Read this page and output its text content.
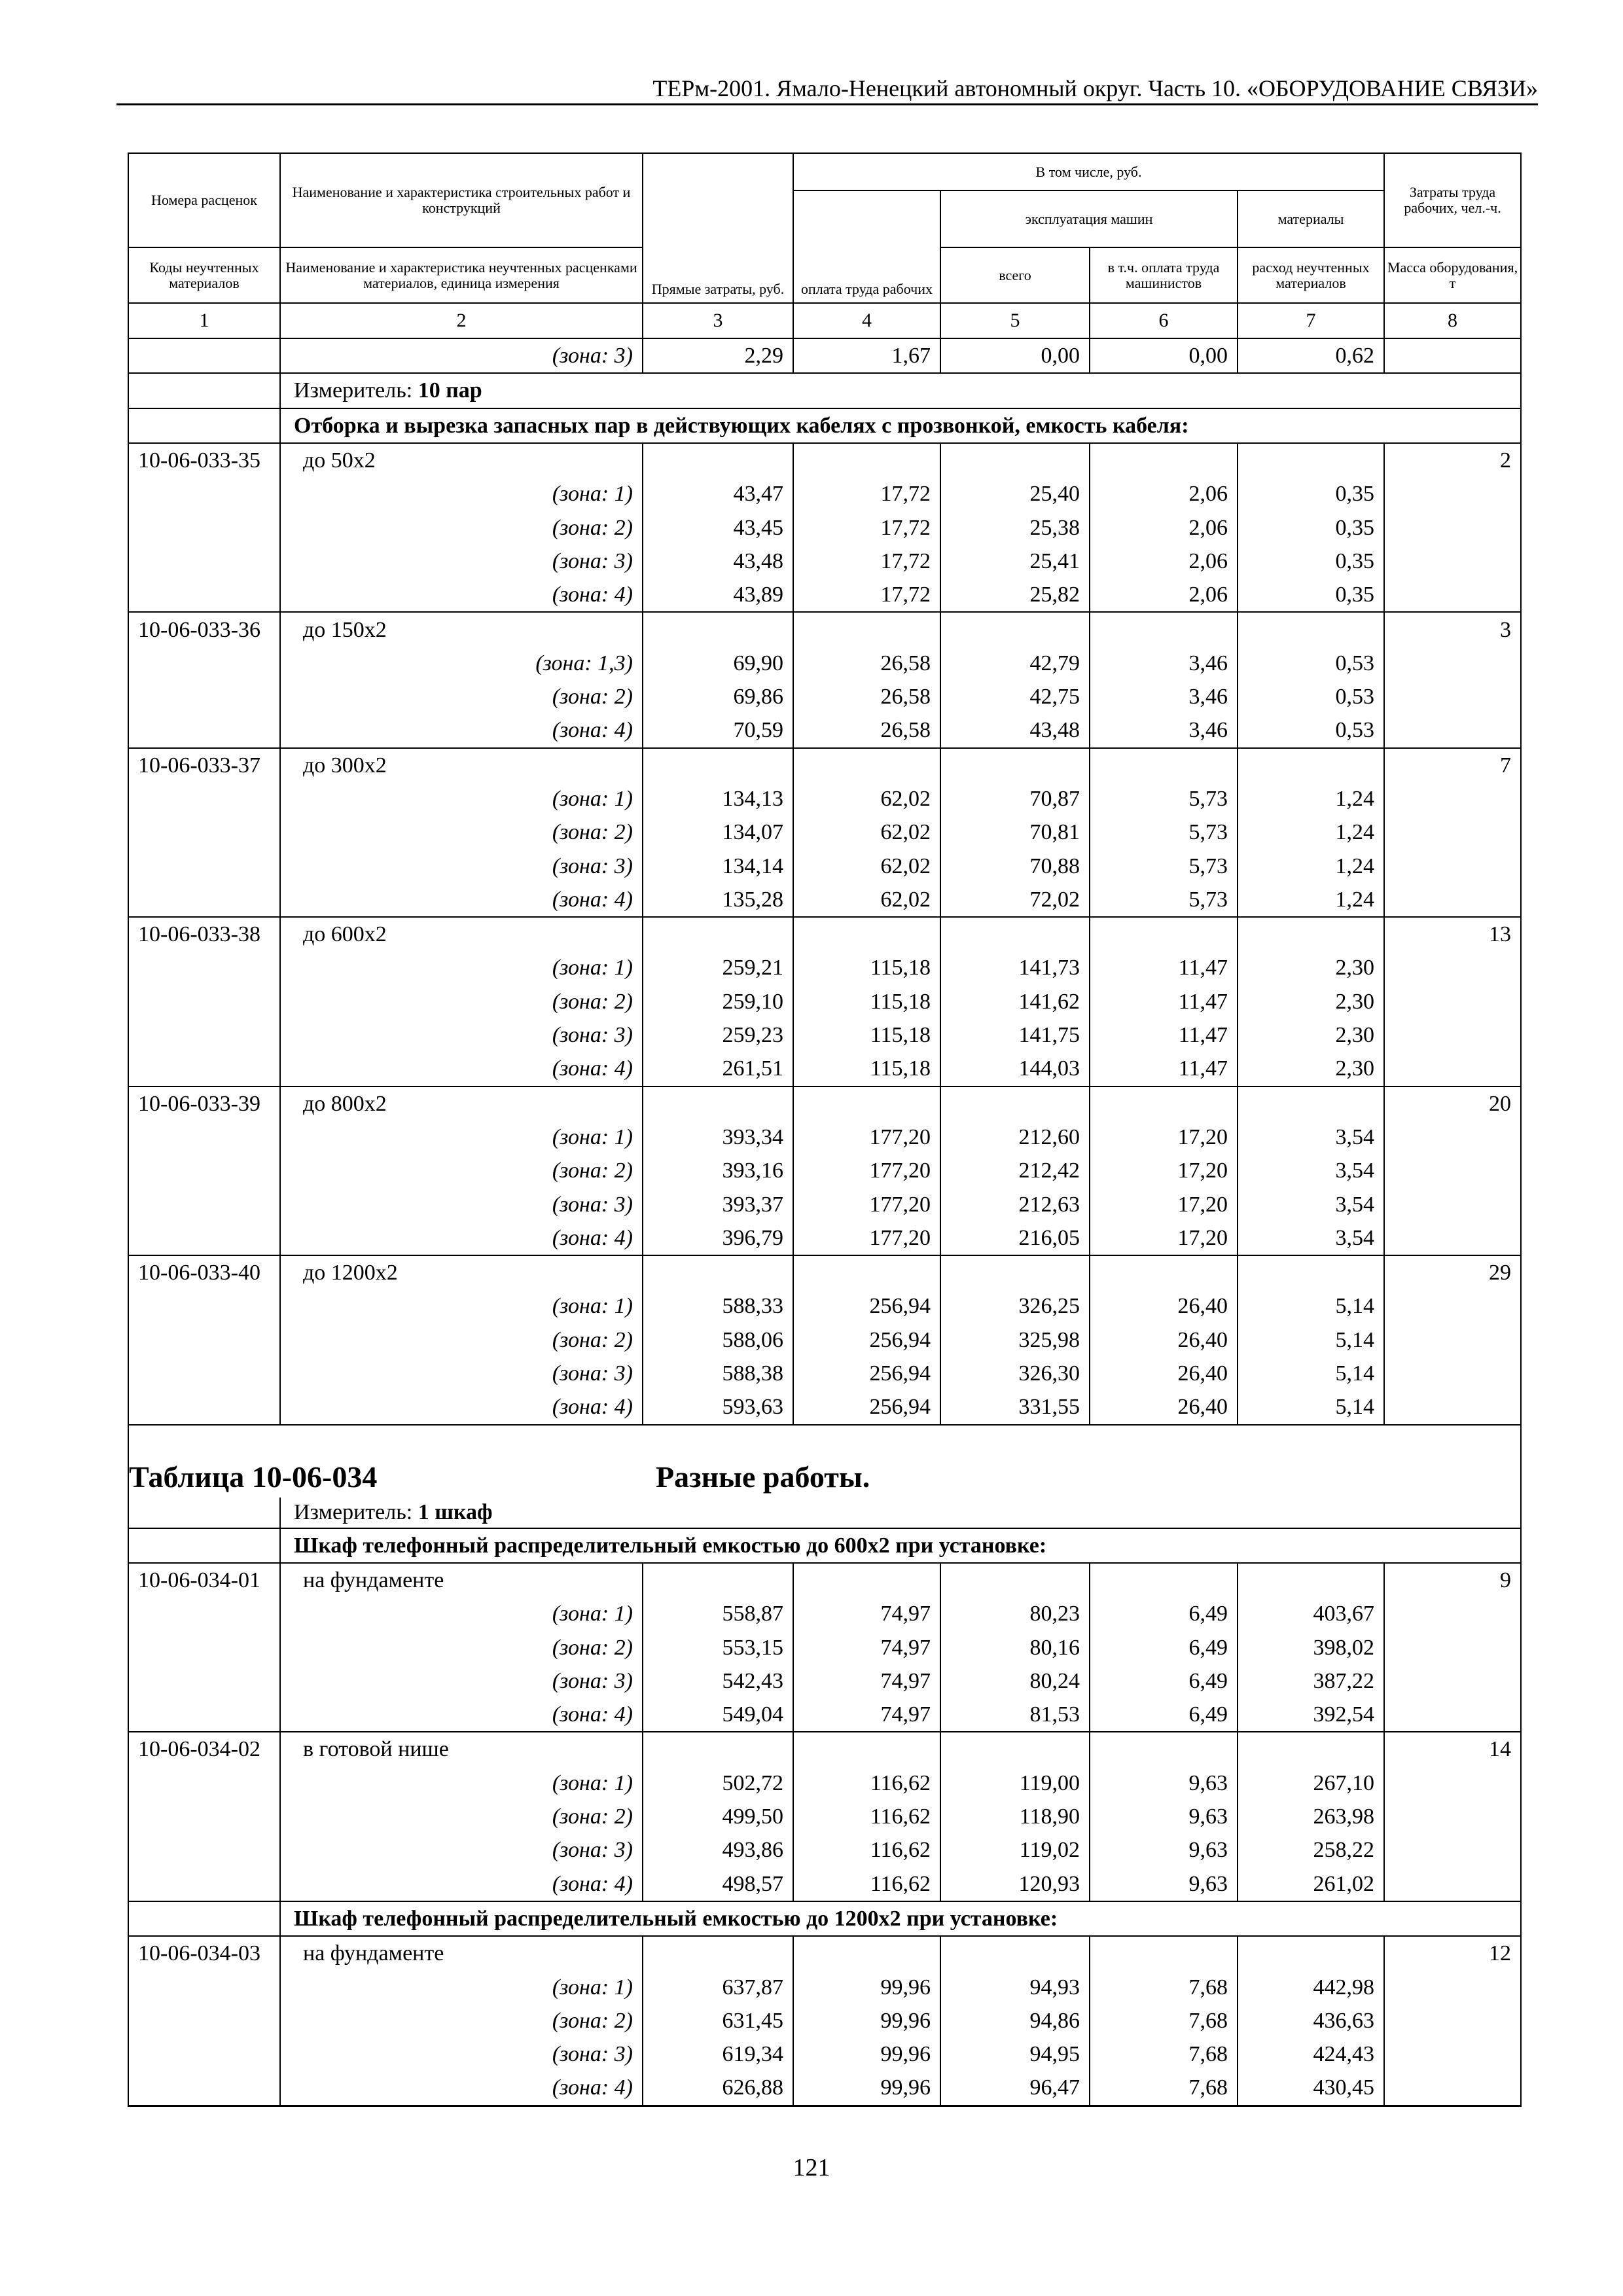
ТЕРм-2001. Ямало-Ненецкий автономный округ. Часть 10. «ОБОРУДОВАНИЕ СВЯЗИ»
Номера расценок	Наименование и характеристика строительных работ и конструкций	Прямые затраты, руб.	В том числе, руб.				Затраты труда рабочих, чел.-ч.
			оплата труда рабочих	эксплуатация машин		материалы	
Коды неучтенных материалов	Наименование и характеристика неучтенных расценками материалов, единица измерения			всего	в т.ч. оплата труда машинистов	расход неучтенных материалов	Масса оборудования, т
1	2	3	4	5	6	7	8
	(зона: 3)	2,29	1,67	0,00	0,00	0,62	
	Измеритель: 10 пар						
	Отборка и вырезка запасных пар в действующих кабелях с прозвонкой, емкость кабеля:						
10-06-033-35	до 50х2						2
	(зона: 1)	43,47	17,72	25,40	2,06	0,35	
	(зона: 2)	43,45	17,72	25,38	2,06	0,35	
	(зона: 3)	43,48	17,72	25,41	2,06	0,35	
	(зона: 4)	43,89	17,72	25,82	2,06	0,35	
10-06-033-36	до 150х2						3
	(зона: 1,3)	69,90	26,58	42,79	3,46	0,53	
	(зона: 2)	69,86	26,58	42,75	3,46	0,53	
	(зона: 4)	70,59	26,58	43,48	3,46	0,53	
10-06-033-37	до 300х2						7
	(зона: 1)	134,13	62,02	70,87	5,73	1,24	
	(зона: 2)	134,07	62,02	70,81	5,73	1,24	
	(зона: 3)	134,14	62,02	70,88	5,73	1,24	
	(зона: 4)	135,28	62,02	72,02	5,73	1,24	
10-06-033-38	до 600х2						13
	(зона: 1)	259,21	115,18	141,73	11,47	2,30	
	(зона: 2)	259,10	115,18	141,62	11,47	2,30	
	(зона: 3)	259,23	115,18	141,75	11,47	2,30	
	(зона: 4)	261,51	115,18	144,03	11,47	2,30	
10-06-033-39	до 800х2						20
	(зона: 1)	393,34	177,20	212,60	17,20	3,54	
	(зона: 2)	393,16	177,20	212,42	17,20	3,54	
	(зона: 3)	393,37	177,20	212,63	17,20	3,54	
	(зона: 4)	396,79	177,20	216,05	17,20	3,54	
10-06-033-40	до 1200х2						29
	(зона: 1)	588,33	256,94	326,25	26,40	5,14	
	(зона: 2)	588,06	256,94	325,98	26,40	5,14	
	(зона: 3)	588,38	256,94	326,30	26,40	5,14	
	(зона: 4)	593,63	256,94	331,55	26,40	5,14	

Таблица 10-06-034 Разные работы.							

	Измеритель: 1 шкаф						
	Шкаф телефонный распределительный емкостью до 600х2 при установке:						
10-06-034-01	на фундаменте						9
	(зона: 1)	558,87	74,97	80,23	6,49	403,67	
	(зона: 2)	553,15	74,97	80,16	6,49	398,02	
	(зона: 3)	542,43	74,97	80,24	6,49	387,22	
	(зона: 4)	549,04	74,97	81,53	6,49	392,54	
10-06-034-02	в готовой нише						14
	(зона: 1)	502,72	116,62	119,00	9,63	267,10	
	(зона: 2)	499,50	116,62	118,90	9,63	263,98	
	(зона: 3)	493,86	116,62	119,02	9,63	258,22	
	(зона: 4)	498,57	116,62	120,93	9,63	261,02	
	Шкаф телефонный распределительный емкостью до 1200х2 при установке:						
10-06-034-03	на фундаменте						12
	(зона: 1)	637,87	99,96	94,93	7,68	442,98	
	(зона: 2)	631,45	99,96	94,86	7,68	436,63	
	(зона: 3)	619,34	99,96	94,95	7,68	424,43	
	(зона: 4)	626,88	99,96	96,47	7,68	430,45	
121
